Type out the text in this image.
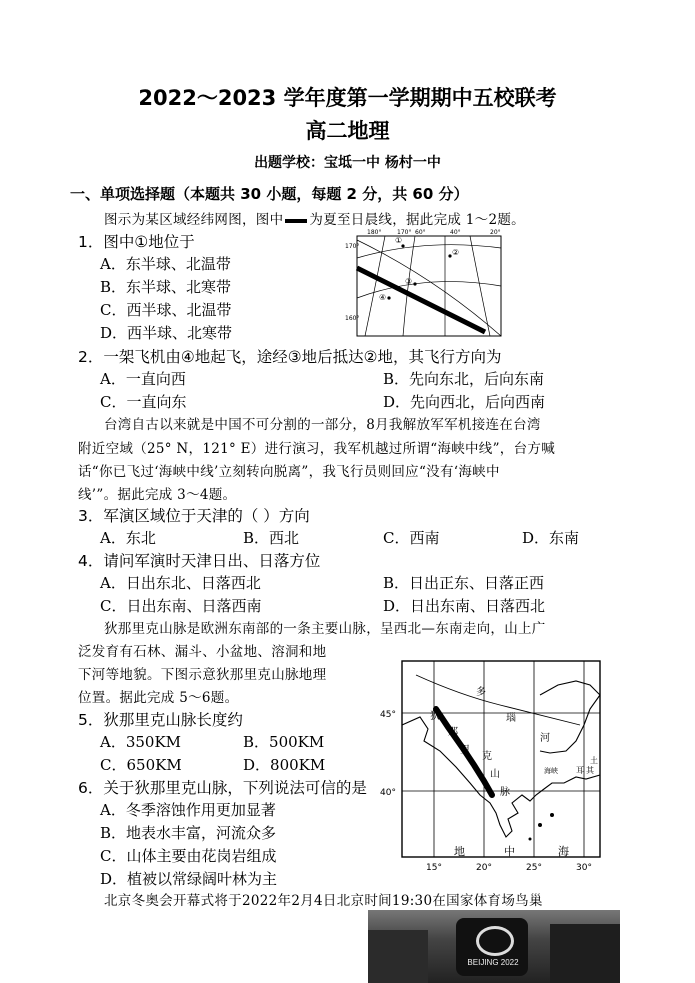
2022～2023 学年度第一学期期中五校联考
高二地理
出题学校：宝坻一中 杨村一中
一、单项选择题（本题共 30 小题，每题 2 分，共 60 分）
图示为某区域经纬网图，图中 为夏至日晨线，据此完成 1～2题。
1．图中①地位于
A．东半球、北温带
B．东半球、北寒带
C．西半球、北温带
D．西半球、北寒带
180°	170° 60°	40°	20°
170°
160°
①
②
③
④
2．一架飞机由④地起飞，途经③地后抵达②地，其飞行方向为
A．一直向西	B．先向东北，后向东南
C．一直向东	D．先向西北，后向西南
台湾自古以来就是中国不可分割的一部分，8月我解放军军机接连在台湾
附近空域（25° N，121° E）进行演习，我军机越过所谓“海峡中线”，台方喊
话“你已飞过‘海峡中线’立刻转向脱离”，我飞行员则回应“没有‘海峡中
线’”。据此完成 3～4题。
3．军演区域位于天津的（ ）方向
A．东北	B．西北	C．西南	D．东南
4．请问军演时天津日出、日落方位
A．日出东北、日落西北	B．日出正东、日落正西
C．日出东南、日落西南	D．日出东南、日落西北
狄那里克山脉是欧洲东南部的一条主要山脉，呈西北—东南走向，山上广
泛发育有石林、漏斗、小盆地、溶洞和地
下河等地貌。下图示意狄那里克山脉地理
位置。据此完成 5～6题。
5．狄那里克山脉长度约
A．350KM	B．500KM
C．650KM	D．800KM
6．关于狄那里克山脉，下列说法可信的是
A．冬季溶蚀作用更加显著
B．地表水丰富，河流众多
C．山体主要由花岗岩组成
D．植被以常绿阔叶林为主
45°
40°
15°	20°	25°	30°
多
瑙
河
狄
那
里
克
山
脉
地	中	海
土
耳 其
海峡
北京冬奥会开幕式将于2022年2月4日北京时间19:30在国家体育场鸟巢
BEIJING 2022
